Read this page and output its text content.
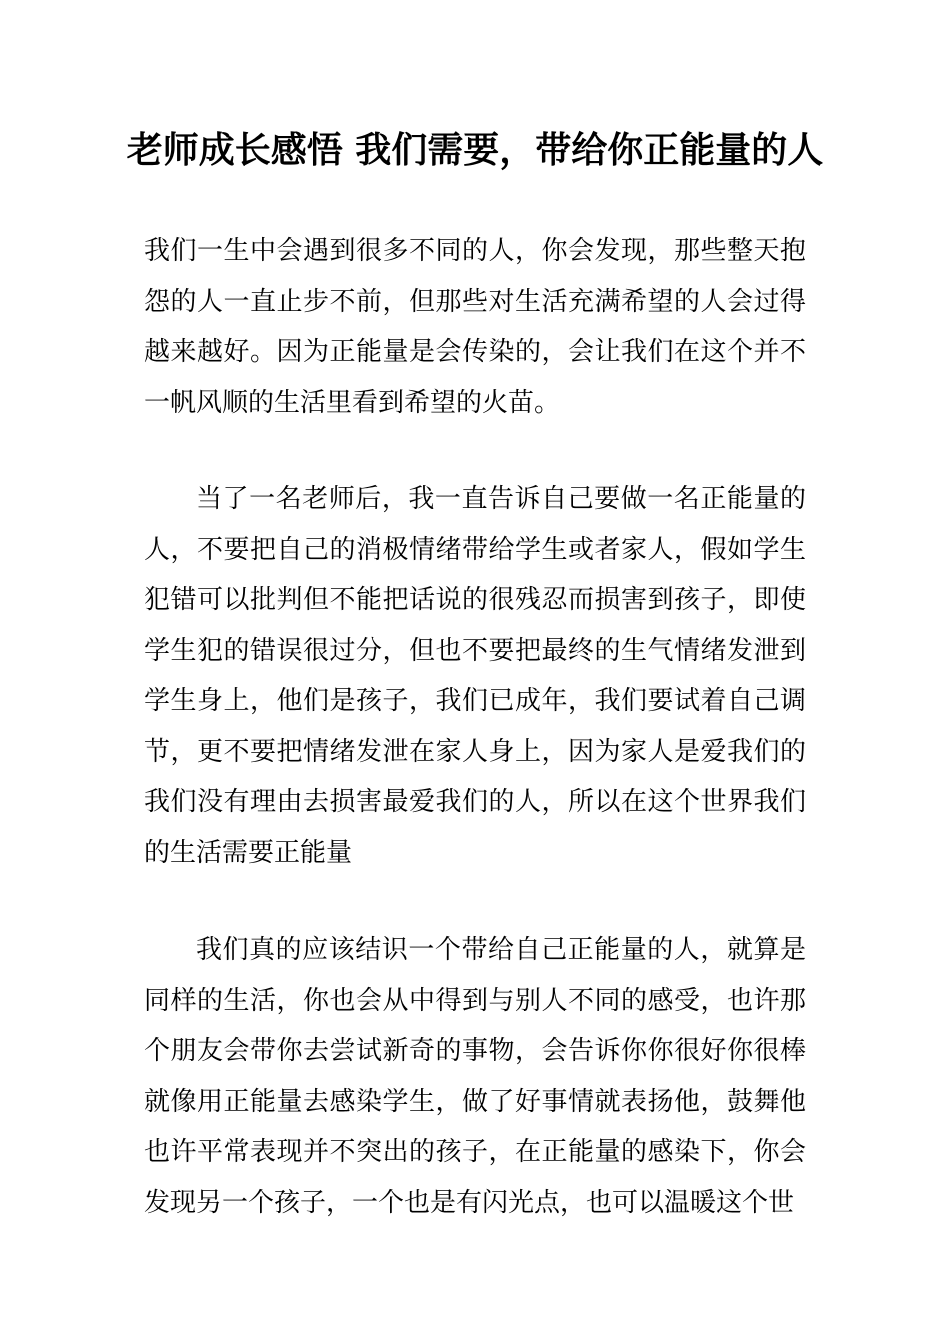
老师成长感悟 我们需要，带给你正能量的人

我们一生中会遇到很多不同的人，你会发现，那些整天抱怨的人一直止步不前，但那些对生活充满希望的人会过得越来越好。因为正能量是会传染的，会让我们在这个并不一帆风顺的生活里看到希望的火苗。

当了一名老师后，我一直告诉自己要做一名正能量的人，不要把自己的消极情绪带给学生或者家人，假如学生犯错可以批判但不能把话说的很残忍而损害到孩子，即使学生犯的错误很过分，但也不要把最终的生气情绪发泄到学生身上，他们是孩子，我们已成年，我们要试着自己调节，更不要把情绪发泄在家人身上，因为家人是爱我们的我们没有理由去损害最爱我们的人，所以在这个世界我们的生活需要正能量

我们真的应该结识一个带给自己正能量的人，就算是同样的生活，你也会从中得到与别人不同的感受，也许那个朋友会带你去尝试新奇的事物，会告诉你你很好你很棒就像用正能量去感染学生，做了好事情就表扬他，鼓舞他也许平常表现并不突出的孩子，在正能量的感染下，你会发现另一个孩子，一个也是有闪光点，也可以温暖这个世
